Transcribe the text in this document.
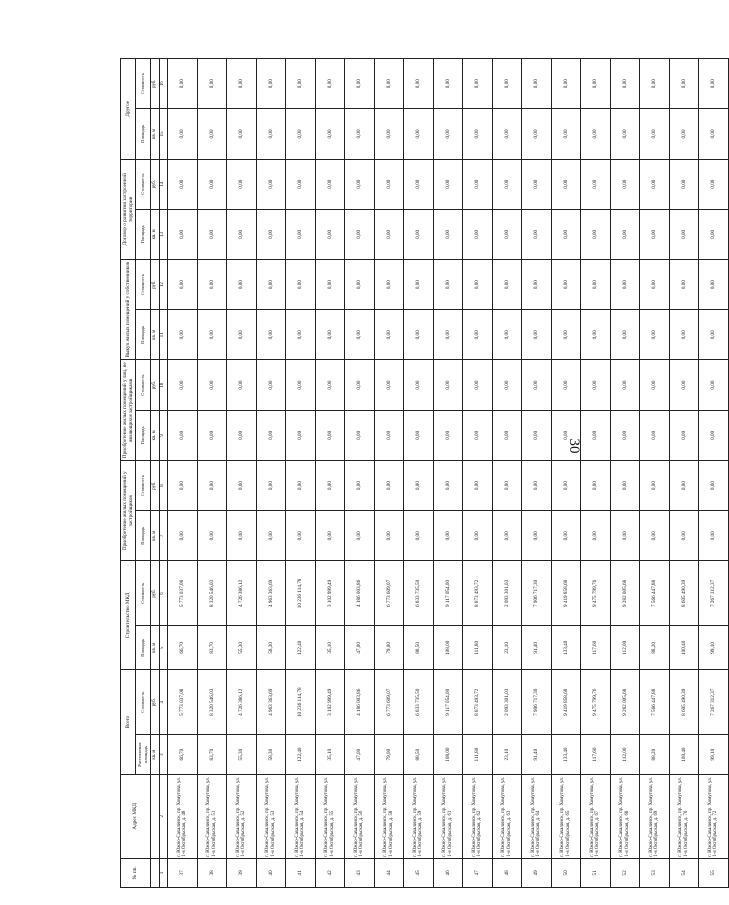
30
№ пп.	Адрес МКД	Всего		Строительство МКД		Приобретение жилых помещений у застройщиков		Приобретение жилых помещений у лиц, не являющихся застройщиками		Выкуп жилых помещений у собственников		Договор о развитии застроенной территории		Другое	
		Расселяемая площадь	Стоимость	Площадь	Стоимость	Площадь	Стоимость	Площадь	Стоимость	Площадь	Стоимость	Площадь	Стоимость	Площадь	Стоимость
		кв. м	руб.	кв. м	руб.	кв. м	руб.	кв. м	руб.	кв. м	руб.	кв. м	руб.	кв. м	руб.
1	2	3	4	5	6	7	8	9	10	11	12	13	14	15	16
37	г. Южно-Сахалинск, пр. Хомутова, ул. 1-я Октябрьская, д. 48	66,70	5 773 037,08	66,70	5 773 037,08	0,00	0,00	0,00	0,00	0,00	0,00	0,00	0,00	0,00	0,00
38	г. Южно-Сахалинск, пр. Хомутова, ул. 1-я Октябрьская, д. 51	83,70	8 320 546,03	83,70	8 320 546,03	0,00	0,00	0,00	0,00	0,00	0,00	0,00	0,00	0,00	0,00
39	г. Южно-Сахалинск, пр. Хомутова, ул. 1-я Октябрьская, д. 52	55,30	4 726 386,12	55,30	4 726 386,12	0,00	0,00	0,00	0,00	0,00	0,00	0,00	0,00	0,00	0,00
40	г. Южно-Сахалинск, пр. Хомутова, ул. 1-я Октябрьская, д. 53	58,30	4 963 363,69	58,30	4 963 363,69	0,00	0,00	0,00	0,00	0,00	0,00	0,00	0,00	0,00	0,00
41	г. Южно-Сахалинск, пр. Хомутова, ул. 1-я Октябрьская, д. 54	122,40	10 236 114,78	122,40	10 236 114,78	0,00	0,00	0,00	0,00	0,00	0,00	0,00	0,00	0,00	0,00
42	г. Южно-Сахалинск, пр. Хомутова, ул. 1-я Октябрьская, д. 55	35,10	3 102 999,49	35,10	3 102 999,49	0,00	0,00	0,00	0,00	0,00	0,00	0,00	0,00	0,00	0,00
43	г. Южно-Сахалинск, пр. Хомутова, ул. 1-я Октябрьская, д. 56	47,00	4 186 003,86	47,00	4 186 003,86	0,00	0,00	0,00	0,00	0,00	0,00	0,00	0,00	0,00	0,00
44	г. Южно-Сахалинск, пр. Хомутова, ул. 1-я Октябрьская, д. 58	79,00	6 773 609,07	79,00	6 773 609,07	0,00	0,00	0,00	0,00	0,00	0,00	0,00	0,00	0,00	0,00
45	г. Южно-Сахалинск, пр. Хомутова, ул. 1-я Октябрьская, д. 59	88,50	6 833 735,50	88,50	6 833 735,50	0,00	0,00	0,00	0,00	0,00	0,00	0,00	0,00	0,00	0,00
46	г. Южно-Сахалинск, пр. Хомутова, ул. 1-я Октябрьская, д. 61	108,00	9 117 054,00	108,00	9 117 054,00	0,00	0,00	0,00	0,00	0,00	0,00	0,00	0,00	0,00	0,00
47	г. Южно-Сахалинск, пр. Хомутова, ул. 1-я Октябрьская, д. 62	111,80	8 873 493,72	111,80	8 873 493,72	0,00	0,00	0,00	0,00	0,00	0,00	0,00	0,00	0,00	0,00
48	г. Южно-Сахалинск, пр. Хомутова, ул. 1-я Октябрьская, д. 63	23,10	2 093 301,03	23,10	2 093 301,03	0,00	0,00	0,00	0,00	0,00	0,00	0,00	0,00	0,00	0,00
49	г. Южно-Сахалинск, пр. Хомутова, ул. 1-я Октябрьская, д. 64	91,40	7 906 717,30	91,40	7 906 717,30	0,00	0,00	0,00	0,00	0,00	0,00	0,00	0,00	0,00	0,00
50	г. Южно-Сахалинск, пр. Хомутова, ул. 1-я Октябрьская, д. 65	133,40	9 419 858,68	133,40	9 419 858,68	0,00	0,00	0,00	0,00	0,00	0,00	0,00	0,00	0,00	0,00
51	г. Южно-Сахалинск, пр. Хомутова, ул. 1-я Октябрьская, д. 67	117,60	9 475 799,76	117,60	9 475 799,76	0,00	0,00	0,00	0,00	0,00	0,00	0,00	0,00	0,00	0,00
52	г. Южно-Сахалинск, пр. Хомутова, ул. 1-я Октябрьская, д. 68	112,00	9 282 005,68	112,00	9 282 005,68	0,00	0,00	0,00	0,00	0,00	0,00	0,00	0,00	0,00	0,00
53	г. Южно-Сахалинск, пр. Хомутова, ул. 1-я Октябрьская, д. 69	88,20	7 566 447,88	88,20	7 566 447,88	0,00	0,00	0,00	0,00	0,00	0,00	0,00	0,00	0,00	0,00
54	г. Южно-Сахалинск, пр. Хомутова, ул. 1-я Октябрьская, д. 70	100,40	8 605 490,39	100,40	8 605 490,39	0,00	0,00	0,00	0,00	0,00	0,00	0,00	0,00	0,00	0,00
55	г. Южно-Сахалинск, пр. Хомутова, ул. 1-я Октябрьская, д. 72	99,10	7 267 312,37	99,10	7 267 312,37	0,00	0,00	0,00	0,00	0,00	0,00	0,00	0,00	0,00	0,00
